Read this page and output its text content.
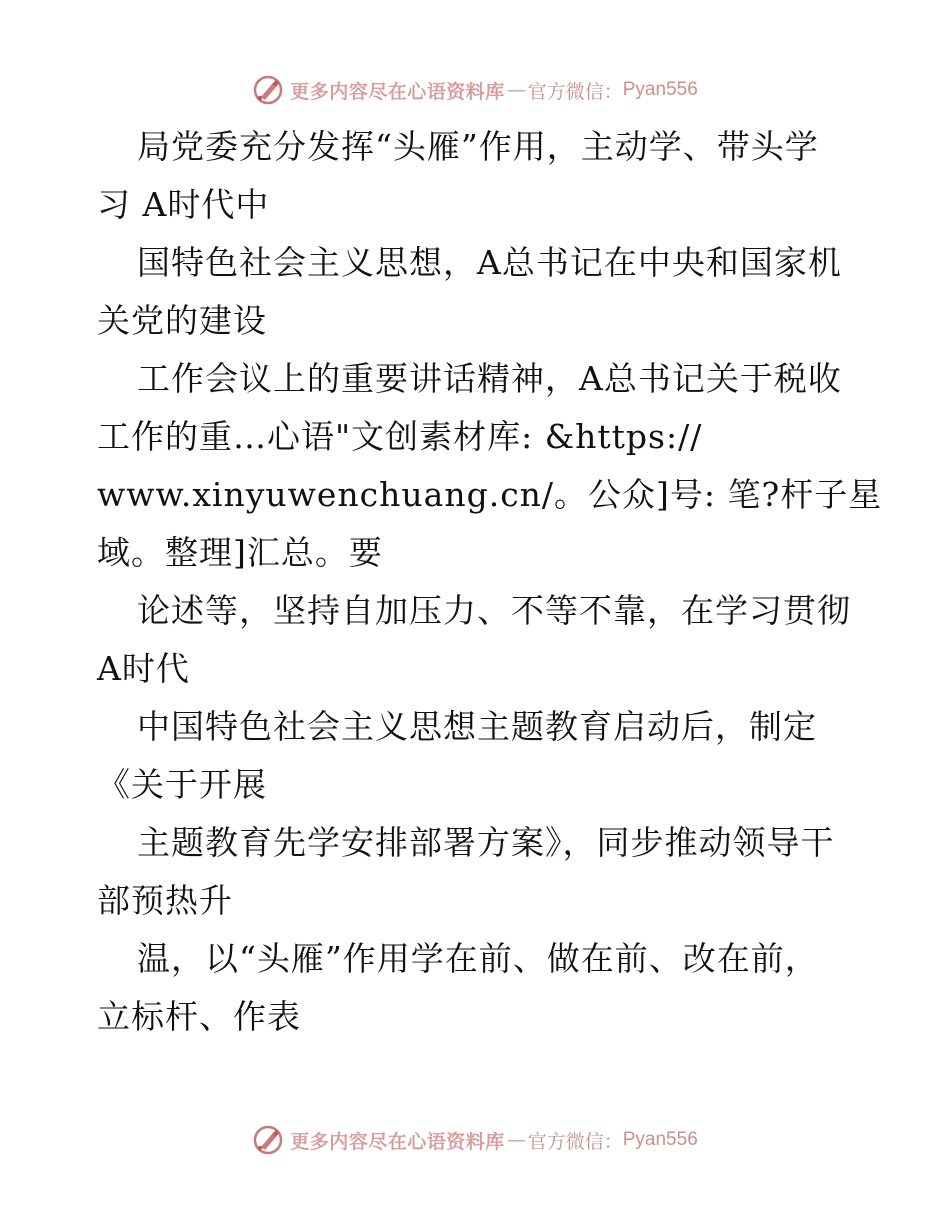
更多内容尽在心语资料库 — 官方微信： Pyan556
局党委充分发挥“头雁”作用，主动学、带头学
习 A时代中
国特色社会主义思想，A总书记在中央和国家机
关党的建设
工作会议上的重要讲话精神，A总书记关于税收
工作的重…心语"文创素材库: &https://
www.xinyuwenchuang.cn/。公众]号: 笔?杆子星
域。整理]汇总。要
论述等，坚持自加压力、不等不靠，在学习贯彻
A时代
中国特色社会主义思想主题教育启动后，制定
《关于开展
主题教育先学安排部署方案》，同步推动领导干
部预热升
温，以“头雁”作用学在前、做在前、改在前，
立标杆、作表
更多内容尽在心语资料库 — 官方微信： Pyan556
